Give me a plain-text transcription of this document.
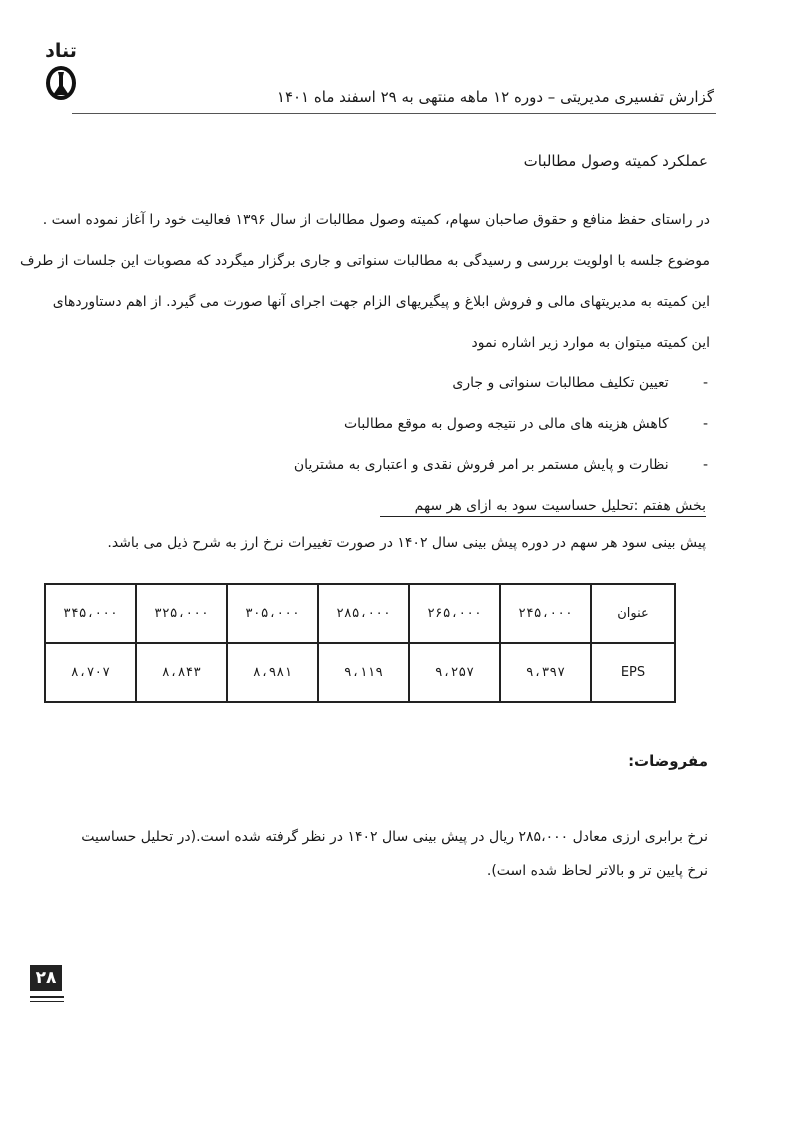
تناد
گزارش تفسیری مدیریتی – دوره ۱۲ ماهه منتهی به ۲۹ اسفند ماه ۱۴۰۱
عملکرد کمیته وصول مطالبات
در راستای حفظ منافع و حقوق صاحبان سهام، کمیته وصول مطالبات از سال ۱۳۹۶ فعالیت خود را آغاز نموده است .
موضوع جلسه با اولویت بررسی و رسیدگی به مطالبات سنواتی و جاری برگزار میگردد که مصوبات این جلسات از طرف
این کمیته به مدیریتهای مالی و فروش ابلاغ و پیگیریهای الزام جهت اجرای آنها صورت می گیرد. از اهم دستاوردهای
این کمیته میتوان به موارد زیر اشاره نمود
-   تعیین تکلیف مطالبات سنواتی و جاری
-   کاهش هزینه های مالی در نتیجه وصول به موقع مطالبات
-   نظارت و پایش مستمر بر امر فروش نقدی و اعتباری به مشتریان
بخش هفتم :تحلیل حساسیت سود به ازای هر سهم
پیش بینی سود هر سهم در دوره پیش بینی سال ۱۴۰۲ در صورت تغییرات نرخ ارز به شرح ذیل می باشد.
عنوان	۲۴۵،۰۰۰	۲۶۵،۰۰۰	۲۸۵،۰۰۰	۳۰۵،۰۰۰	۳۲۵،۰۰۰	۳۴۵،۰۰۰
EPS	۹،۳۹۷	۹،۲۵۷	۹،۱۱۹	۸،۹۸۱	۸،۸۴۳	۸،۷۰۷
مفروضات:
نرخ برابری ارزی معادل ۲۸۵،۰۰۰ ریال در پیش بینی سال ۱۴۰۲ در نظر گرفته شده است.(در تحلیل حساسیت
نرخ پایین تر و بالاتر لحاظ شده است).
۲۸
